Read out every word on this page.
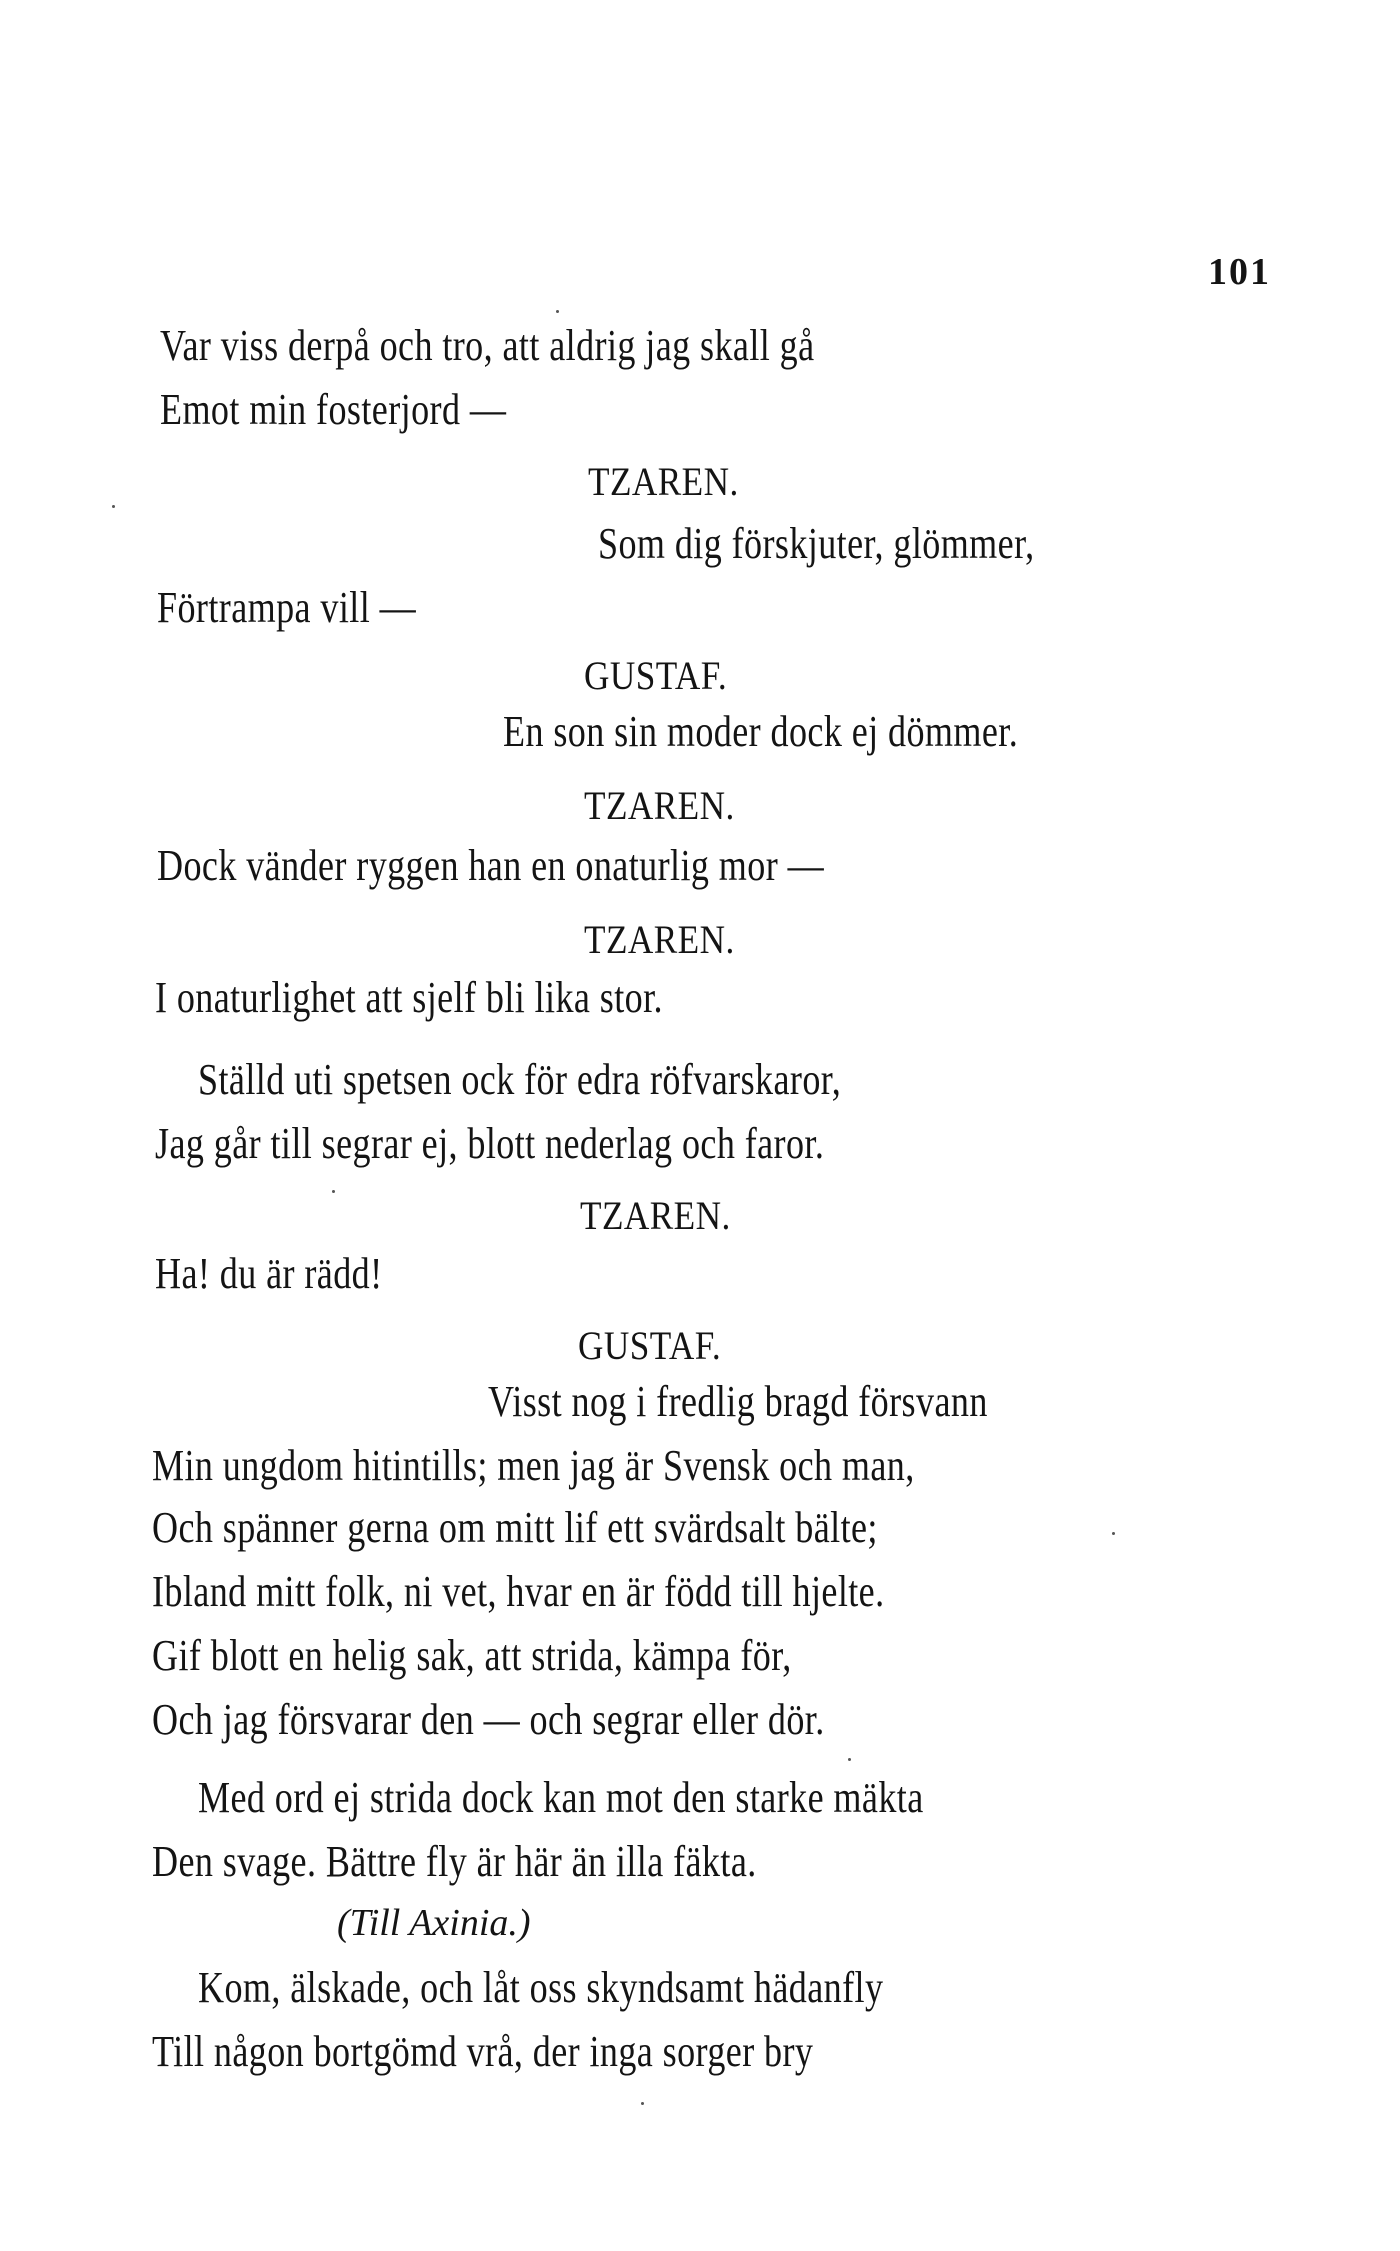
101
Var viss derpå och tro, att aldrig jag skall gå
Emot min fosterjord —
TZAREN.
Som dig förskjuter, glömmer,
Förtrampa vill —
GUSTAF.
En son sin moder dock ej dömmer.
TZAREN.
Dock vänder ryggen han en onaturlig mor —
TZAREN.
I onaturlighet att sjelf bli lika stor.
Ställd uti spetsen ock för edra röfvarskaror,
Jag går till segrar ej, blott nederlag och faror.
TZAREN.
Ha! du är rädd!
GUSTAF.
Visst nog i fredlig bragd försvann
Min ungdom hitintills; men jag är Svensk och man,
Och spänner gerna om mitt lif ett svärdsalt bälte;
Ibland mitt folk, ni vet, hvar en är född till hjelte.
Gif blott en helig sak, att strida, kämpa för,
Och jag försvarar den — och segrar eller dör.
Med ord ej strida dock kan mot den starke mäkta
Den svage. Bättre fly är här än illa fäkta.
(Till Axinia.)
Kom, älskade, och låt oss skyndsamt hädanfly
Till någon bortgömd vrå, der inga sorger bry
